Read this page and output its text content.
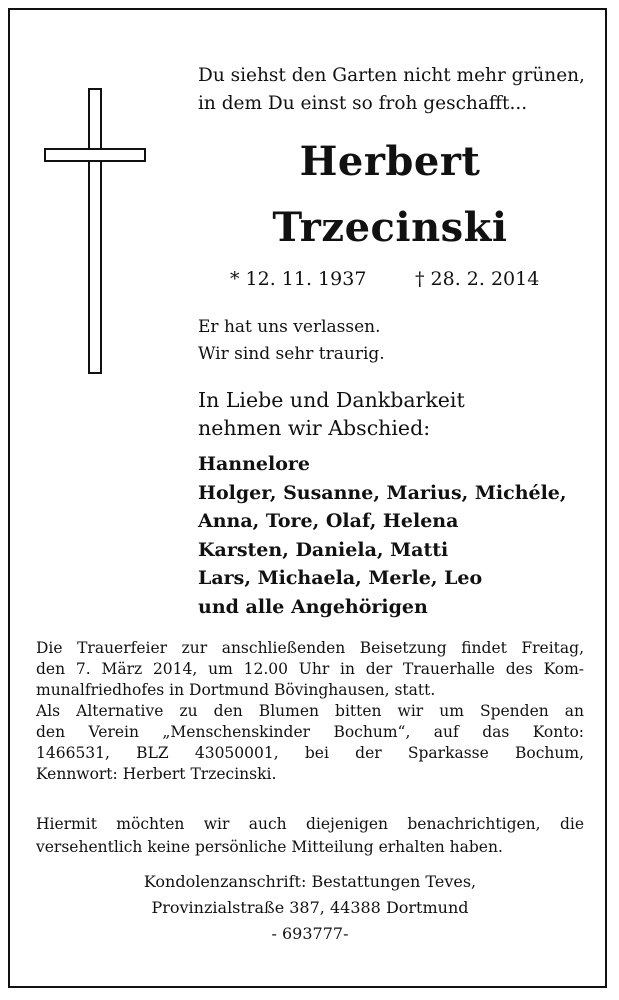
Du siehst den Garten nicht mehr grünen,
in dem Du einst so froh geschafft...
Herbert
Trzecinski
* 12. 11. 1937	† 28. 2. 2014
Er hat uns verlassen.
Wir sind sehr traurig.
In Liebe und Dankbarkeit
nehmen wir Abschied:
Hannelore
Holger, Susanne, Marius, Michéle,
Anna, Tore, Olaf, Helena
Karsten, Daniela, Matti
Lars, Michaela, Merle, Leo
und alle Angehörigen
Die Trauerfeier zur anschließenden Beisetzung findet Freitag,
den 7. März 2014, um 12.00 Uhr in der Trauerhalle des Kom-
munalfriedhofes in Dortmund Bövinghausen, statt.
Als Alternative zu den Blumen bitten wir um Spenden an
den Verein „Menschenskinder Bochum“, auf das Konto:
1466531, BLZ 43050001, bei der Sparkasse Bochum,
Kennwort: Herbert Trzecinski.
Hiermit möchten wir auch diejenigen benachrichtigen, die
versehentlich keine persönliche Mitteilung erhalten haben.
Kondolenzanschrift: Bestattungen Teves,
Provinzialstraße 387, 44388 Dortmund
- 693777-
